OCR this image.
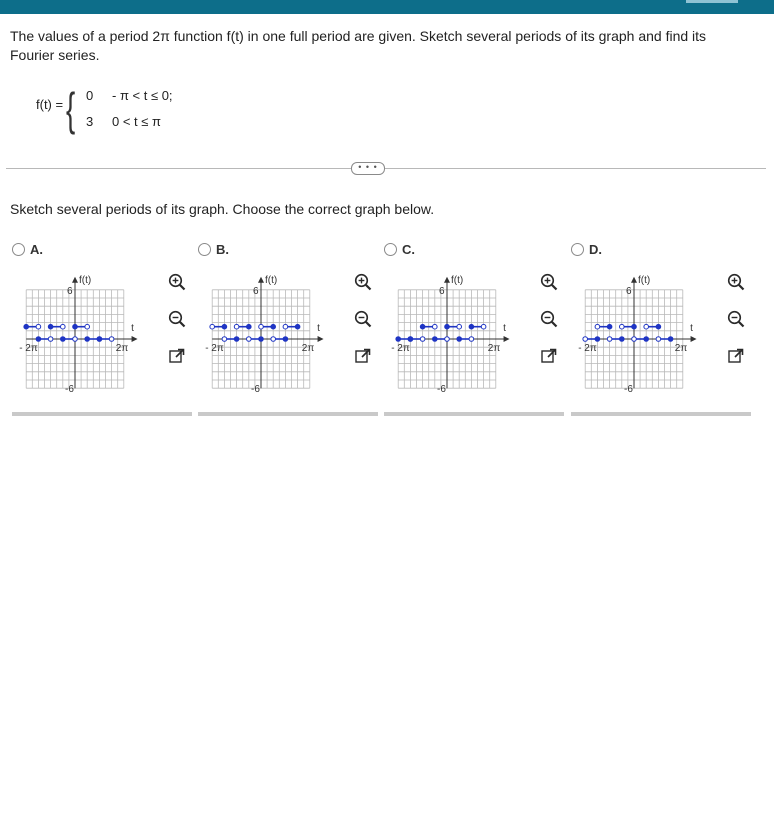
The values of a period 2π function f(t) in one full period are given. Sketch several periods of its graph and find its Fourier series.
f(t) = { 0 - π < t ≤ 0;
3 0 < t ≤ π
• • •
Sketch several periods of its graph. Choose the correct graph below.
A.
f(t)
6
-6
t
- 2π	2π
B.
f(t)
6
-6
t
- 2π	2π
C.
f(t)
6
-6
t
- 2π	2π
D.
f(t)
6
-6
t
- 2π	2π
